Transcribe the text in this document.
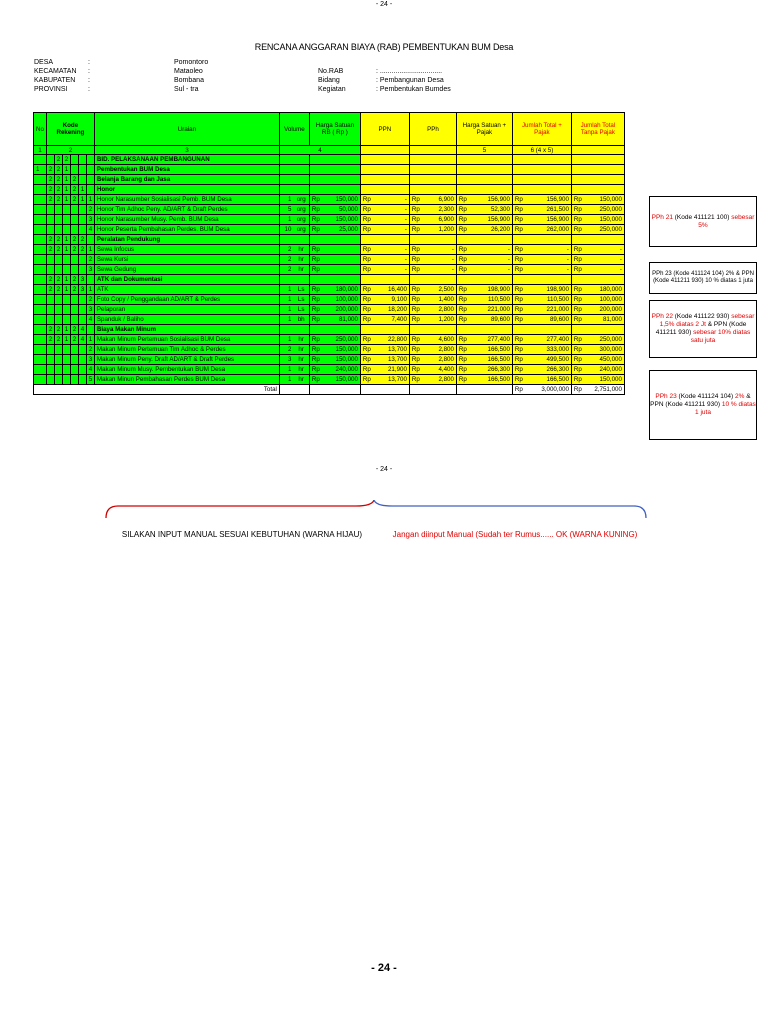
- 24 -
RENCANA ANGGARAN BIAYA (RAB) PEMBENTUKAN BUM Desa
DESA	:	Pomontoro
KECAMATAN	:	Mataoleo
KABUPATEN	:	Bombana
PROVINSI	:	Sul - tra
No.RAB	: ................................
Bidang	: Pembangunan Desa
Kegiatan	: Pembentukan Bumdes
No	Kode Rekening						Uraian	Volume		Harga Satuan RB ( Rp )		PPN		PPh		Harga Satuan + Pajak		Jumlah Total + Pajak		Jumlah Total Tanpa Pajak	
1	2						3	4								5		6 (4 x 5)			
		2	2				BID. PELAKSANAAN PEMBANGUNAN														
1	2	2	1				Pembentukan BUM Desa														
	2	2	1	2			Belanja Barang dan Jasa														
	2	2	1	2	1		Honor														
	2	2	1	2	1	1	Honor Narasumber Sosialisasi Pemb. BUM Desa	1	org	Rp	150,000	Rp	-	Rp	6,900	Rp	156,900	Rp	156,900	Rp	150,000
						2	Honor Tim Adhoc Peny. AD/ART & Draft Perdes	5	org	Rp	50,000	Rp	-	Rp	2,300	Rp	52,300	Rp	261,500	Rp	250,000
						3	Honor Narasumber Musy. Pemb. BUM Desa	1	org	Rp	150,000	Rp	-	Rp	6,900	Rp	156,900	Rp	156,900	Rp	150,000
						4	Honor Peserta Pembahasan Perdes. BUM Desa	10	org	Rp	25,000	Rp	-	Rp	1,200	Rp	26,200	Rp	262,000	Rp	250,000
	2	2	1	2	2		Peralatan Pendukung														
	2	2	1	2	2	1	Sewa Infocus	2	hr	Rp		Rp	-	Rp	-	Rp	-	Rp	-	Rp	-
						2	Sewa Kursi	2	hr	Rp		Rp	-	Rp	-	Rp	-	Rp	-	Rp	-
						3	Sewa Gedung	2	hr	Rp		Rp	-	Rp	-	Rp	-	Rp	-	Rp	-
	2	2	1	2	3		ATK dan Dokumentasi														
	2	2	1	2	3	1	ATK	1	Ls	Rp	180,000	Rp	16,400	Rp	2,500	Rp	198,900	Rp	198,900	Rp	180,000
						2	Foto Copy / Penggandaan AD/ART & Perdes	1	Ls	Rp	100,000	Rp	9,100	Rp	1,400	Rp	110,500	Rp	110,500	Rp	100,000
						3	Pelaporan	1	Ls	Rp	200,000	Rp	18,200	Rp	2,800	Rp	221,000	Rp	221,000	Rp	200,000
						4	Spanduk / Baliho	1	bh	Rp	81,000	Rp	7,400	Rp	1,200	Rp	89,600	Rp	89,600	Rp	81,000
	2	2	1	2	4		Biaya Makan Minum														
	2	2	1	2	4	1	Makan Minum Pertemuan Sosialisasi BUM Desa	1	hr	Rp	250,000	Rp	22,800	Rp	4,600	Rp	277,400	Rp	277,400	Rp	250,000
						2	Makan Minum Pertemuan Tim Adhoc & Perdes	2	hr	Rp	150,000	Rp	13,700	Rp	2,800	Rp	166,500	Rp	333,000	Rp	300,000
						3	Makan Minum Peny. Draft AD/ART & Draft Perdes	3	hr	Rp	150,000	Rp	13,700	Rp	2,800	Rp	166,500	Rp	499,500	Rp	450,000
						4	Makan Minum Musy. Pembentukan BUM Desa	1	hr	Rp	240,000	Rp	21,900	Rp	4,400	Rp	266,300	Rp	266,300	Rp	240,000
						5	Makan Minun Pembahasan Perdes BUM Desa	1	hr	Rp	150,000	Rp	13,700	Rp	2,800	Rp	166,500	Rp	166,500	Rp	150,000
Total																		Rp	3,000,000	Rp	2,751,000
PPh 21 (Kode 411121 100) sebesar 5%
PPh 23 (Kode 411124 104) 2% & PPN (Kode 411211 930) 10 % diatas 1 juta
PPh 22 (Kode 411122 930) sebesar 1,5% diatas 2 Jt & PPN (Kode 411211 930) sebesar 10% diatas satu juta
PPh 23 (Kode 411124 104) 2% & PPN (Kode 411211 930) 10 % diatas 1 juta
- 24 -
SILAKAN INPUT MANUAL SESUAI KEBUTUHAN (WARNA HIJAU)	Jangan diinput Manual (Sudah ter Rumus...... OK (WARNA KUNING)
- 24 -
